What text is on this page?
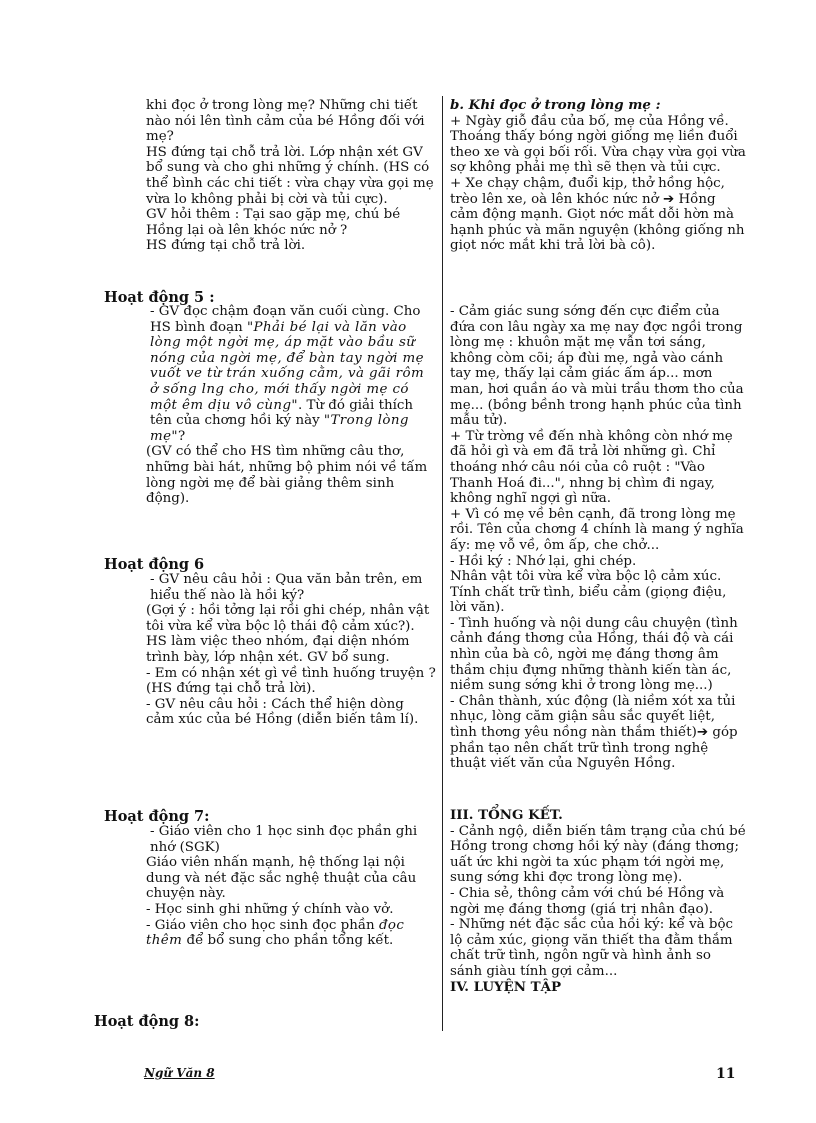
khi đọc ở trong lòng mẹ? Những chi tiết nào nói lên tình cảm của bé Hồng đối với mẹ?

HS đứng tại chỗ trả lời. Lớp nhận xét GV bổ sung và cho ghi những ý chính. (HS có thể bình các chi tiết : vừa chạy vừa gọi mẹ vừa lo không phải bị cời và tủi cực).

GV hỏi thêm : Tại sao gặp mẹ, chú bé Hồng lại oà lên khóc nức nở ?

HS đứng tại chỗ trả lời.

- GV đọc chậm đoạn văn cuối cùng. Cho HS bình đoạn "Phải bé lại và lăn vào lòng một ngời mẹ, áp mặt vào bầu sữ nóng của ngời mẹ, để bàn tay ngời mẹ vuốt ve từ trán xuống cằm, và gãi rôm ở sống lng cho, mới thấy ngời mẹ có một êm dịu vô cùng". Từ đó giải thích tên của chơng hồi ký này "Trong lòng mẹ"?

(GV có thể cho HS tìm những câu thơ, những bài hát, những bộ phim nói về tấm lòng ngời mẹ để bài giảng thêm sinh động).

- GV nêu câu hỏi : Qua văn bản trên, em hiểu thế nào là hồi ký?

(Gợi ý : hồi tởng lại rồi ghi chép, nhân vật tôi vừa kể vừa bộc lộ thái độ cảm xúc?).

HS làm việc theo nhóm, đại diện nhóm trình bày, lớp nhận xét. GV bổ sung.

- Em có nhận xét gì về tình huống truyện ? (HS đứng tại chỗ trả lời).

- GV nêu câu hỏi : Cách thể hiện dòng cảm xúc của bé Hồng (diễn biến tâm lí).

- Giáo viên cho 1 học sinh đọc phần ghi nhớ (SGK)

Giáo viên nhấn mạnh, hệ thống lại nội dung và nét đặc sắc nghệ thuật của câu chuyện này.

- Học sinh ghi những ý chính vào vở.

- Giáo viên cho học sinh đọc phần đọc thêm để bổ sung cho phần tổng kết.

Hoạt động 5 :
Hoạt động 6
Hoạt động 7:
Hoạt động 8:

b. Khi đọc ở trong lòng mẹ :

+ Ngày giỗ đầu của bố, mẹ của Hồng về. Thoáng thấy bóng ngời giống mẹ liền đuổi theo xe và gọi bối rối. Vừa chạy vừa gọi vừa sợ không phải mẹ thì sẽ thẹn và tủi cực.

+ Xe chạy chậm, đuổi kịp, thở hồng hộc, trèo lên xe, oà lên khóc nức nở ➔ Hồng cảm động mạnh. Giọt nớc mắt dỗi hờn mà hạnh phúc và mãn nguyện (không giống nh giọt nớc mắt khi trả lời bà cô).

- Cảm giác sung sớng đến cực điểm của đứa con lâu ngày xa mẹ nay đợc ngồi trong lòng mẹ : khuôn mặt mẹ vẫn tơi sáng, không còm cõi; áp đùi mẹ, ngả vào cánh tay mẹ, thấy lại cảm giác ấm áp... mơn man, hơi quần áo và mùi trầu thơm tho của mẹ... (bồng bềnh trong hạnh phúc của tình mẫu tử).

+ Từ trờng về đến nhà không còn nhớ mẹ đã hỏi gì và em đã trả lời những gì. Chỉ thoáng nhớ câu nói của cô ruột : "Vào Thanh Hoá đi...", nhng bị chìm đi ngay, không nghĩ ngợi gì nữa.

+ Vì có mẹ về bên cạnh, đã trong lòng mẹ rồi. Tên của chơng 4 chính là mang ý nghĩa ấy: mẹ vỗ về, ôm ấp, che chở...

- Hồi ký : Nhớ lại, ghi chép.

Nhân vật tôi vừa kể vừa bộc lộ cảm xúc. Tính chất trữ tình, biểu cảm (giọng điệu, lời văn).

- Tình huống và nội dung câu chuyện (tình cảnh đáng thơng của Hồng, thái độ và cái nhìn của bà cô, ngời mẹ đáng thơng âm thầm chịu đựng những thành kiến tàn ác, niềm sung sớng khi ở trong lòng mẹ...)

- Chân thành, xúc động (là niềm xót xa tủi nhục, lòng căm giận sâu sắc quyết liệt, tình thơng yêu nồng nàn thắm thiết)➔ góp phần tạo nên chất trữ tình trong nghệ thuật viết văn của Nguyên Hồng.

III. TỔNG KẾT.

- Cảnh ngộ, diễn biến tâm trạng của chú bé Hồng trong chơng hồi ký này (đáng thơng; uất ức khi ngời ta xúc phạm tới ngời mẹ, sung sớng khi đợc trong lòng mẹ).

- Chia sẻ, thông cảm với chú bé Hồng và ngời mẹ đáng thơng (giá trị nhân đạo).

- Những nét đặc sắc của hồi ký: kể và bộc lộ cảm xúc, giọng văn thiết tha đằm thắm chất trữ tình, ngôn ngữ và hình ảnh so sánh giàu tính gợi cảm...

IV. LUYỆN TẬP

Ngữ Văn 8	11
